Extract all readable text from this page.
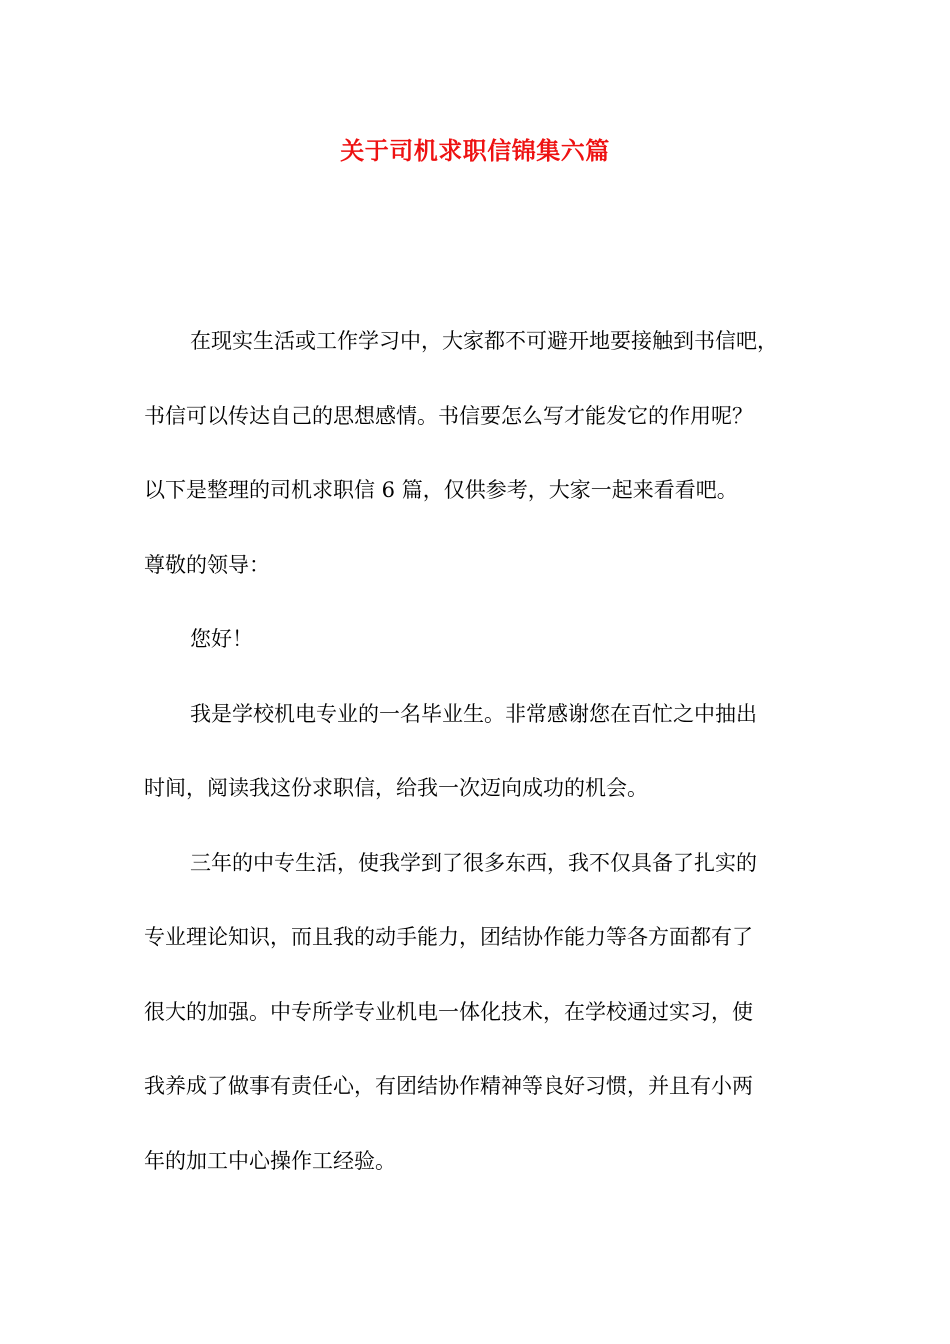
关于司机求职信锦集六篇
在现实生活或工作学习中，大家都不可避开地要接触到书信吧，
书信可以传达自己的思想感情。书信要怎么写才能发它的作用呢？
以下是整理的司机求职信 6 篇，仅供参考，大家一起来看看吧。
尊敬的领导：
您好！
我是学校机电专业的一名毕业生。非常感谢您在百忙之中抽出
时间，阅读我这份求职信，给我一次迈向成功的机会。
三年的中专生活，使我学到了很多东西，我不仅具备了扎实的
专业理论知识，而且我的动手能力，团结协作能力等各方面都有了
很大的加强。中专所学专业机电一体化技术，在学校通过实习，使
我养成了做事有责任心，有团结协作精神等良好习惯，并且有小两
年的加工中心操作工经验。
